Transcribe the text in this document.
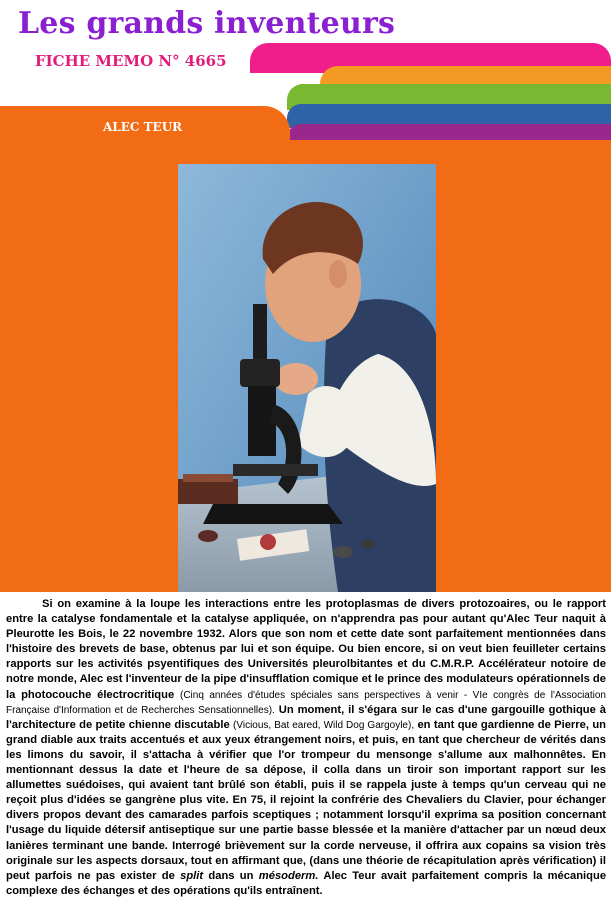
Les grands inventeurs
FICHE MEMO N° 4665
ALEC TEUR

Si on examine à la loupe les interactions entre les protoplasmas de divers protozoaires, ou le rapport entre la catalyse fondamentale et la catalyse appliquée, on n'apprendra pas pour autant qu'Alec Teur naquit à Pleurotte les Bois, le 22 novembre 1932. Alors que son nom et cette date sont parfaitement mentionnées dans l'histoire des brevets de base, obtenus par lui et son équipe. Ou bien encore, si on veut bien feuilleter certains rapports sur les activités psyentifiques des Universités pleurolbitantes et du C.M.R.P. Accélérateur notoire de notre monde, Alec est l'inventeur de la pipe d'insufflation comique et le prince des modulateurs opérationnels de la photocouche électrocritique (Cinq années d'études spéciales sans perspectives à venir - VIe congrès de l'Association Française d'Information et de Recherches Sensationnelles). Un moment, il s'égara sur le cas d'une gargouille gothique à l'architecture de petite chienne discutable (Vicious, Bat eared, Wild Dog Gargoyle), en tant que gardienne de Pierre, un grand diable aux traits accentués et aux yeux étrangement noirs, et puis, en tant que chercheur de vérités dans les limons du savoir, il s'attacha à vérifier que l'or trompeur du mensonge s'allume aux malhonnêtes. En mentionnant dessus la date et l'heure de sa dépose, il colla dans un tiroir son important rapport sur les allumettes suédoises, qui avaient tant brûlé son établi, puis il se rappela juste à temps qu'un cerveau qui ne reçoit plus d'idées se gangrène plus vite. En 75, il rejoint la confrérie des Chevaliers du Clavier, pour échanger divers propos devant des camarades parfois sceptiques ; notamment lorsqu'il exprima sa position concernant l'usage du liquide détersif antiseptique sur une partie basse blessée et la manière d'attacher par un nœud deux lanières terminant une bande. Interrogé brièvement sur la corde nerveuse, il offrira aux copains sa vision très originale sur les aspects dorsaux, tout en affirmant que, (dans une théorie de récapitulation après vérification) il peut parfois ne pas exister de split dans un mésoderm. Alec Teur avait parfaitement compris la mécanique complexe des échanges et des opérations qu'ils entraînent.
